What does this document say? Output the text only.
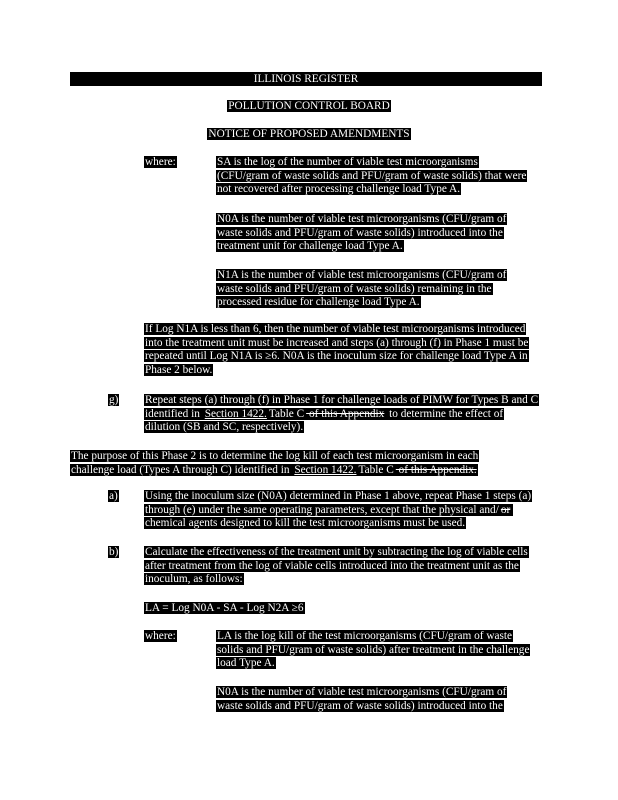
ILLINOIS REGISTER
POLLUTION CONTROL BOARD
NOTICE OF PROPOSED AMENDMENTS
where:	SA is the log of the number of viable test microorganisms (CFU/gram of waste solids and PFU/gram of waste solids) that were not recovered after processing challenge load Type A.
N0A is the number of viable test microorganisms (CFU/gram of waste solids and PFU/gram of waste solids) introduced into the treatment unit for challenge load Type A.
N1A is the number of viable test microorganisms (CFU/gram of waste solids and PFU/gram of waste solids) remaining in the processed residue for challenge load Type A.
If Log N1A is less than 6, then the number of viable test microorganisms introduced into the treatment unit must be increased and steps (a) through (f) in Phase 1 must be repeated until Log N1A is ≥6. N0A is the inoculum size for challenge load Type A in Phase 2 below.
g) Repeat steps (a) through (f) in Phase 1 for challenge loads of PIMW for Types B and C identified in Section 1422. Table C of this Appendix to determine the effect of dilution (SB and SC, respectively).
The purpose of this Phase 2 is to determine the log kill of each test microorganism in each challenge load (Types A through C) identified in Section 1422. Table C of this Appendix.
a) Using the inoculum size (N0A) determined in Phase 1 above, repeat Phase 1 steps (a) through (e) under the same operating parameters, except that the physical and/ or chemical agents designed to kill the test microorganisms must be used.
b) Calculate the effectiveness of the treatment unit by subtracting the log of viable cells after treatment from the log of viable cells introduced into the treatment unit as the inoculum, as follows:
LA = Log N0A - SA - Log N2A ≥6
where:	LA is the log kill of the test microorganisms (CFU/gram of waste solids and PFU/gram of waste solids) after treatment in the challenge load Type A.
N0A is the number of viable test microorganisms (CFU/gram of waste solids and PFU/gram of waste solids) introduced into the
